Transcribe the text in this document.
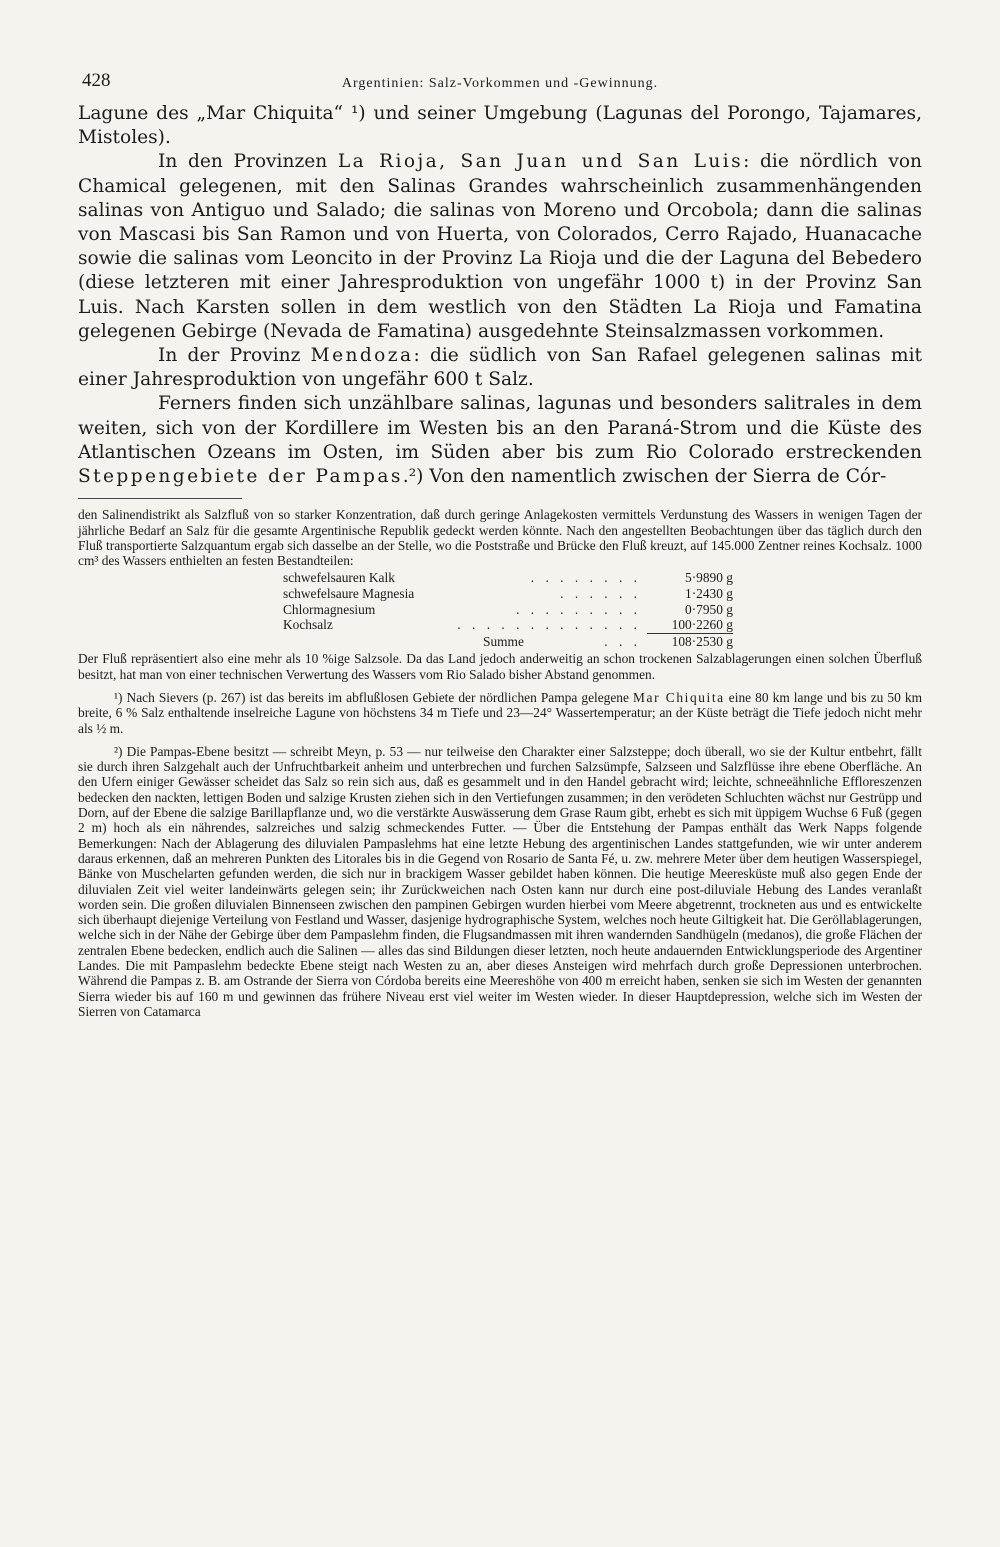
428	Argentinien: Salz-Vorkommen und -Gewinnung.

Lagune des „Mar Chiquita“ ¹) und seiner Umgebung (Lagunas del Porongo, Tajamares, Mistoles).

In den Provinzen La Rioja, San Juan und San Luis: die nördlich von Chamical gelegenen, mit den Salinas Grandes wahrscheinlich zusammenhängenden salinas von Antiguo und Salado; die salinas von Moreno und Orcobola; dann die salinas von Mascasi bis San Ramon und von Huerta, von Colorados, Cerro Rajado, Huanacache sowie die salinas vom Leoncito in der Provinz La Rioja und die der Laguna del Bebedero (diese letzteren mit einer Jahresproduktion von ungefähr 1000 t) in der Provinz San Luis. Nach Karsten sollen in dem westlich von den Städten La Rioja und Famatina gelegenen Gebirge (Nevada de Famatina) ausgedehnte Steinsalzmassen vorkommen.

In der Provinz Mendoza: die südlich von San Rafael gelegenen salinas mit einer Jahresproduktion von ungefähr 600 t Salz.

Ferners finden sich unzählbare salinas, lagunas und besonders salitrales in dem weiten, sich von der Kordillere im Westen bis an den Paraná-Strom und die Küste des Atlantischen Ozeans im Osten, im Süden aber bis zum Rio Colorado erstreckenden Steppengebiete der Pampas.²) Von den namentlich zwischen der Sierra de Cór-

den Salinendistrikt als Salzfluß von so starker Konzentration, daß durch geringe Anlagekosten vermittels Verdunstung des Wassers in wenigen Tagen der jährliche Bedarf an Salz für die gesamte Argentinische Republik gedeckt werden könnte. Nach den angestellten Beobachtungen über das täglich durch den Fluß transportierte Salzquantum ergab sich dasselbe an der Stelle, wo die Poststraße und Brücke den Fluß kreuzt, auf 145.000 Zentner reines Kochsalz. 1000 cm³ des Wassers enthielten an festen Bestandteilen:

schwefelsauren Kalk	. . . . . . . .	5·9890 g
schwefelsaure Magnesia	. . . . . .	1·2430 g
Chlormagnesium	. . . . . . . . .	0·7950 g
Kochsalz	. . . . . . . . . . . . .	100·2260 g
Summe	. . .	108·2530 g

Der Fluß repräsentiert also eine mehr als 10 %ige Salzsole. Da das Land jedoch anderweitig an schon trockenen Salzablagerungen einen solchen Überfluß besitzt, hat man von einer technischen Verwertung des Wassers vom Rio Salado bisher Abstand genommen.

¹) Nach Sievers (p. 267) ist das bereits im abflußlosen Gebiete der nördlichen Pampa gelegene Mar Chiquita eine 80 km lange und bis zu 50 km breite, 6 % Salz enthaltende inselreiche Lagune von höchstens 34 m Tiefe und 23—24° Wassertemperatur; an der Küste beträgt die Tiefe jedoch nicht mehr als ½ m.

²) Die Pampas-Ebene besitzt — schreibt Meyn, p. 53 — nur teilweise den Charakter einer Salzsteppe; doch überall, wo sie der Kultur entbehrt, fällt sie durch ihren Salzgehalt auch der Unfruchtbarkeit anheim und unterbrechen und furchen Salzsümpfe, Salzseen und Salzflüsse ihre ebene Oberfläche. An den Ufern einiger Gewässer scheidet das Salz so rein sich aus, daß es gesammelt und in den Handel gebracht wird; leichte, schneeähnliche Effloreszenzen bedecken den nackten, lettigen Boden und salzige Krusten ziehen sich in den Vertiefungen zusammen; in den verödeten Schluchten wächst nur Gestrüpp und Dorn, auf der Ebene die salzige Barillapflanze und, wo die verstärkte Auswässerung dem Grase Raum gibt, erhebt es sich mit üppigem Wuchse 6 Fuß (gegen 2 m) hoch als ein nährendes, salzreiches und salzig schmeckendes Futter. — Über die Entstehung der Pampas enthält das Werk Napps folgende Bemerkungen: Nach der Ablagerung des diluvialen Pampaslehms hat eine letzte Hebung des argentinischen Landes stattgefunden, wie wir unter anderem daraus erkennen, daß an mehreren Punkten des Litorales bis in die Gegend von Rosario de Santa Fé, u. zw. mehrere Meter über dem heutigen Wasserspiegel, Bänke von Muschelarten gefunden werden, die sich nur in brackigem Wasser gebildet haben können. Die heutige Meeresküste muß also gegen Ende der diluvialen Zeit viel weiter landeinwärts gelegen sein; ihr Zurückweichen nach Osten kann nur durch eine post-diluviale Hebung des Landes veranlaßt worden sein. Die großen diluvialen Binnenseen zwischen den pampinen Gebirgen wurden hierbei vom Meere abgetrennt, trockneten aus und es entwickelte sich überhaupt diejenige Verteilung von Festland und Wasser, dasjenige hydrographische System, welches noch heute Giltigkeit hat. Die Geröllablagerungen, welche sich in der Nähe der Gebirge über dem Pampaslehm finden, die Flugsandmassen mit ihren wandernden Sandhügeln (medanos), die große Flächen der zentralen Ebene bedecken, endlich auch die Salinen — alles das sind Bildungen dieser letzten, noch heute andauernden Entwicklungsperiode des Argentiner Landes. Die mit Pampaslehm bedeckte Ebene steigt nach Westen zu an, aber dieses Ansteigen wird mehrfach durch große Depressionen unterbrochen. Während die Pampas z. B. am Ostrande der Sierra von Córdoba bereits eine Meereshöhe von 400 m erreicht haben, senken sie sich im Westen der genannten Sierra wieder bis auf 160 m und gewinnen das frühere Niveau erst viel weiter im Westen wieder. In dieser Hauptdepression, welche sich im Westen der Sierren von Catamarca
